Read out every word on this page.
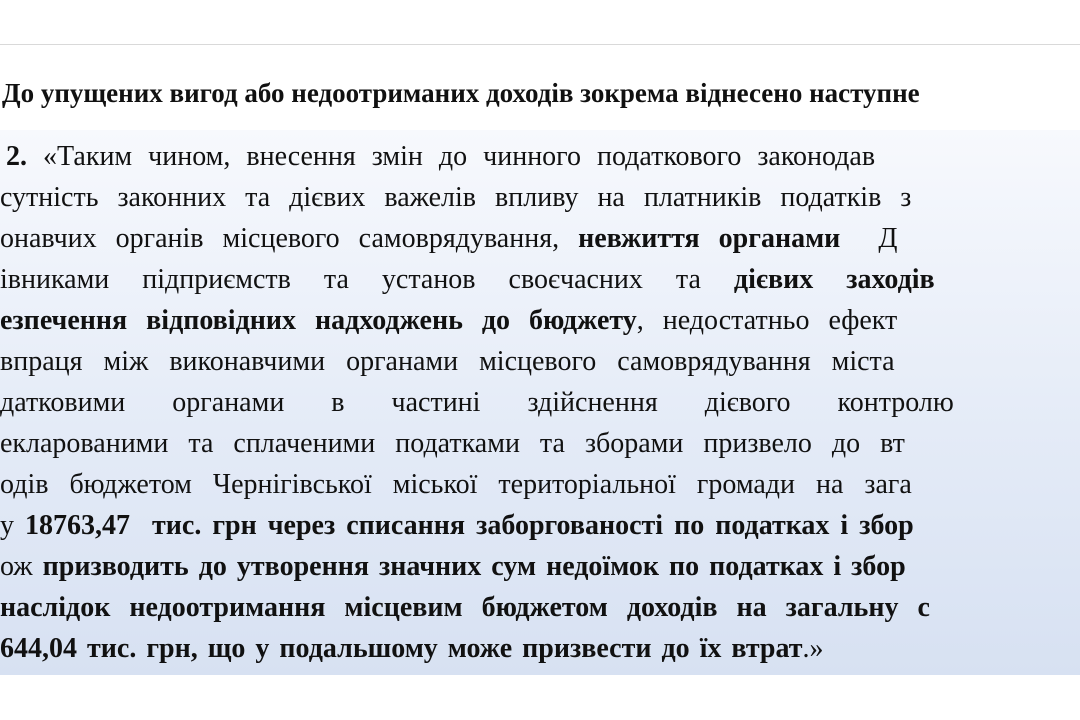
До упущених вигод або недоотриманих доходів зокрема віднесено наступне

2. «Таким чином, внесення змін до чинного податкового законодав
сутність законних та дієвих важелів впливу на платників податків з
онавчих органів місцевого самоврядування, невжиття органами  Д
івниками підприємств та установ своєчасних та дієвих заходів
езпечення відповідних надходжень до бюджету, недостатньо ефект
впраця між виконавчими органами місцевого самоврядування міста
датковими органами в частині здійснення дієвого контролю
екларованими та сплаченими податками та зборами призвело до вт
одів бюджетом Чернігівської міської територіальної громади на зага
у 18763,47  тис. грн через списання заборгованості по податках і збор
ож призводить до утворення значних сум недоїмок по податках і збор
наслідок недоотримання місцевим бюджетом доходів на загальну с
644,04 тис. грн, що у подальшому може призвести до їх втрат.»
